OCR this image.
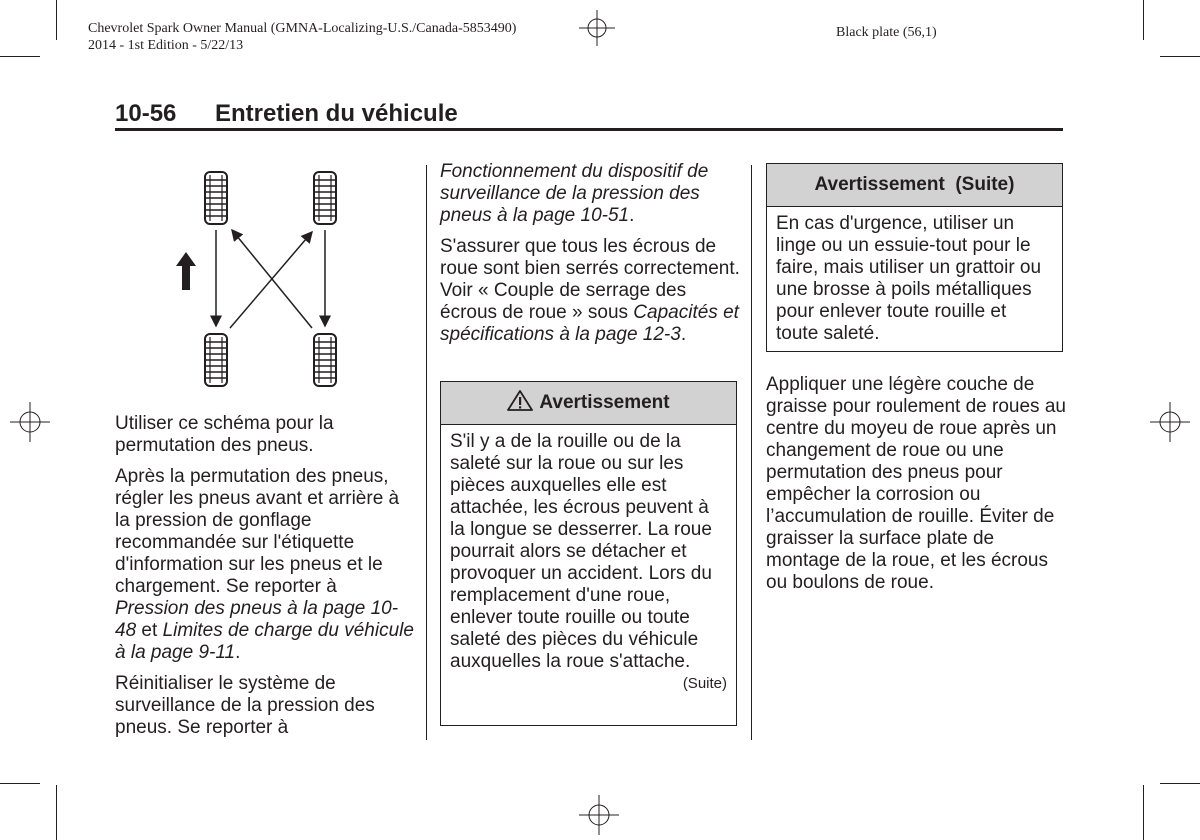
Chevrolet Spark Owner Manual (GMNA-Localizing-U.S./Canada-5853490)
2014 - 1st Edition - 5/22/13
Black plate (56,1)
10-56 Entretien du véhicule

Utiliser ce schéma pour la permutation des pneus.

Après la permutation des pneus, régler les pneus avant et arrière à la pression de gonflage recommandée sur l'étiquette d'information sur les pneus et le chargement. Se reporter à Pression des pneus à la page 10-48 et Limites de charge du véhicule à la page 9-11.

Réinitialiser le système de surveillance de la pression des pneus. Se reporter à

Fonctionnement du dispositif de surveillance de la pression des pneus à la page 10-51.

S'assurer que tous les écrous de roue sont bien serrés correctement. Voir « Couple de serrage des écrous de roue » sous Capacités et spécifications à la page 12-3.

Avertissement
S'il y a de la rouille ou de la saleté sur la roue ou sur les pièces auxquelles elle est attachée, les écrous peuvent à la longue se desserrer. La roue pourrait alors se détacher et provoquer un accident. Lors du remplacement d'une roue, enlever toute rouille ou toute saleté des pièces du véhicule auxquelles la roue s'attache.
(Suite)
Avertissement  (Suite)
En cas d'urgence, utiliser un linge ou un essuie-tout pour le faire, mais utiliser un grattoir ou une brosse à poils métalliques pour enlever toute rouille et toute saleté.

Appliquer une légère couche de graisse pour roulement de roues au centre du moyeu de roue après un changement de roue ou une permutation des pneus pour empêcher la corrosion ou l’accumulation de rouille. Éviter de graisser la surface plate de montage de la roue, et les écrous ou boulons de roue.
